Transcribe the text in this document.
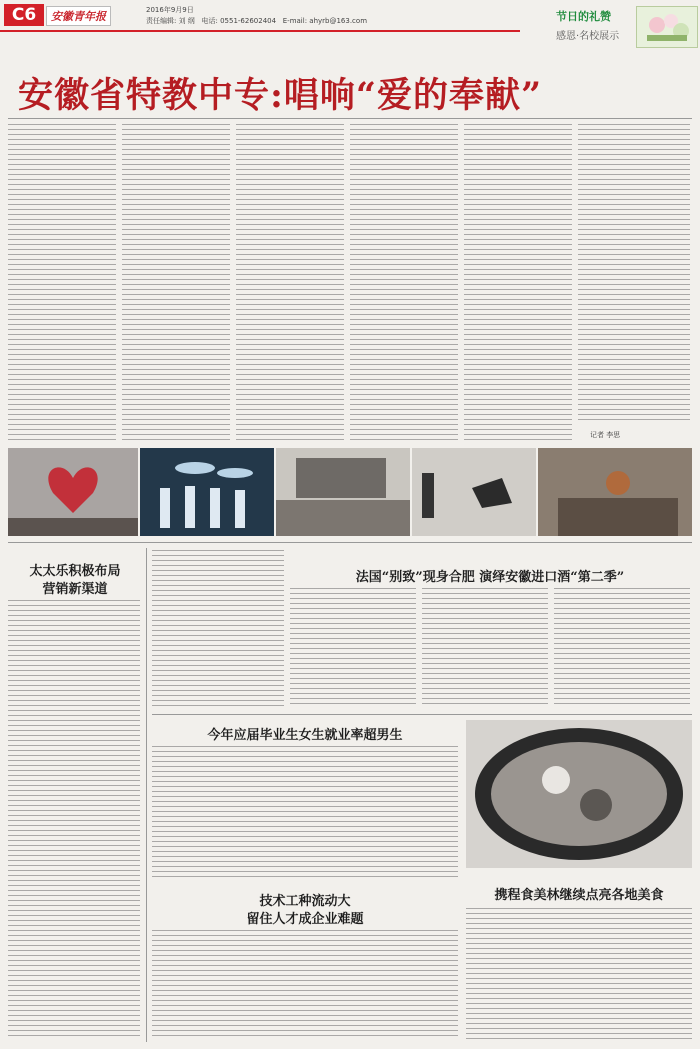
C6	安徽青年报	2016年9月9日
责任编辑: 刘 纲 电话: 0551-62602404 E-mail: ahyrb@163.com	节日的礼赞
感恩·名校展示
安徽省特教中专:唱响“爱的奉献”
记者 李思
太太乐积极布局
营销新渠道
法国“别致”现身合肥 演绎安徽进口酒“第二季”
今年应届毕业生女生就业率超男生
技术工种流动大
留住人才成企业难题
携程食美林继续点亮各地美食
